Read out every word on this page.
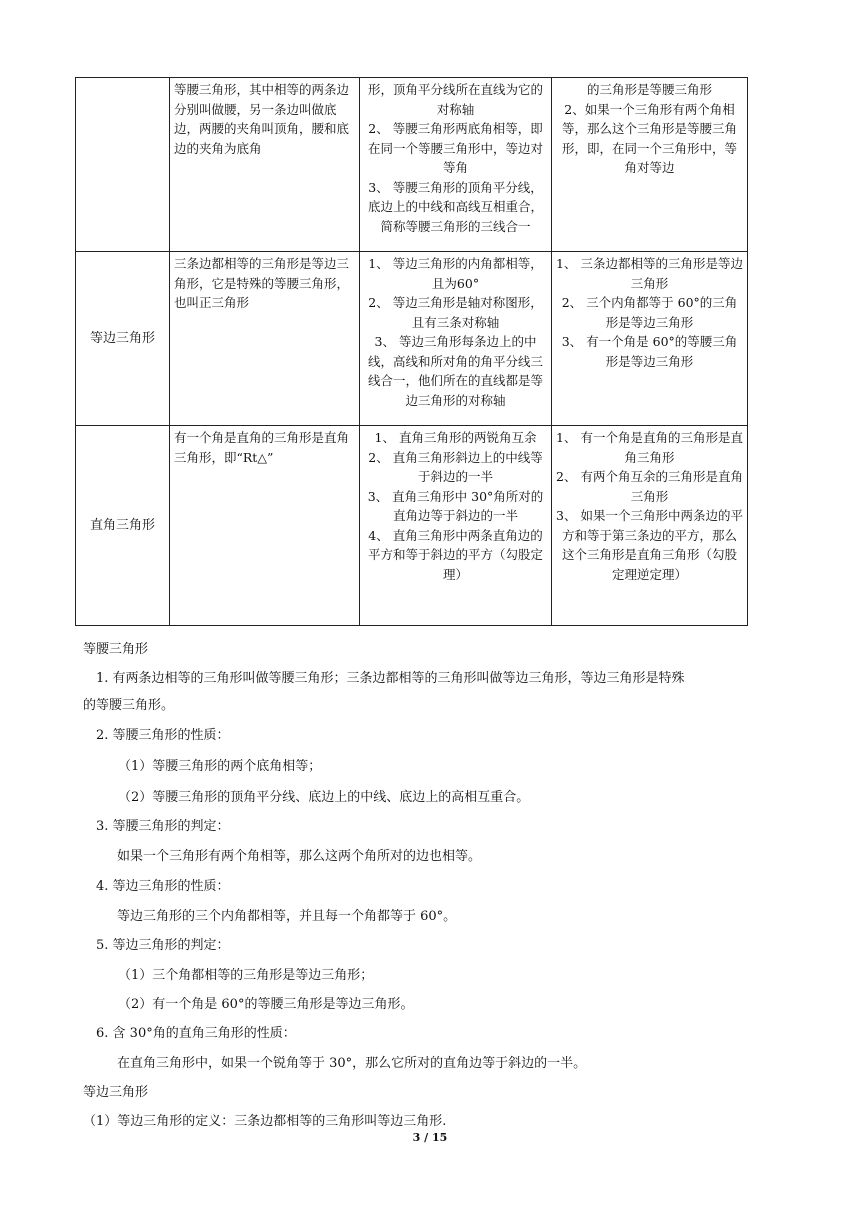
	等腰三角形，其中相等的两条边分别叫做腰，另一条边叫做底边，两腰的夹角叫顶角，腰和底边的夹角为底角	形，顶角平分线所在直线为它的对称轴
2、 等腰三角形两底角相等，即在同一个等腰三角形中，等边对等角
3、 等腰三角形的顶角平分线，底边上的中线和高线互相重合，简称等腰三角形的三线合一	的三角形是等腰三角形
2、如果一个三角形有两个角相等，那么这个三角形是等腰三角形，即，在同一个三角形中，等角对等边

等边三角形	三条边都相等的三角形是等边三角形，它是特殊的等腰三角形，也叫正三角形	1、 等边三角形的内角都相等，且为60°
2、 等边三角形是轴对称图形，且有三条对称轴
3、 等边三角形每条边上的中线，高线和所对角的角平分线三线合一，他们所在的直线都是等边三角形的对称轴	1、 三条边都相等的三角形是等边三角形
2、 三个内角都等于 60°的三角形是等边三角形
3、 有一个角是 60°的等腰三角形是等边三角形

直角三角形	有一个角是直角的三角形是直角三角形，即“Rt△”	1、 直角三角形的两锐角互余
2、 直角三角形斜边上的中线等于斜边的一半
3、 直角三角形中 30°角所对的直角边等于斜边的一半
4、 直角三角形中两条直角边的平方和等于斜边的平方（勾股定理）	1、 有一个角是直角的三角形是直角三角形
2、 有两个角互余的三角形是直角三角形
3、 如果一个三角形中两条边的平方和等于第三条边的平方，那么这个三角形是直角三角形（勾股定理逆定理）
等腰三角形
1. 有两条边相等的三角形叫做等腰三角形；三条边都相等的三角形叫做等边三角形，等边三角形是特殊
的等腰三角形。
2. 等腰三角形的性质：
（1）等腰三角形的两个底角相等；
（2）等腰三角形的顶角平分线、底边上的中线、底边上的高相互重合。
3. 等腰三角形的判定：
如果一个三角形有两个角相等，那么这两个角所对的边也相等。
4. 等边三角形的性质：
等边三角形的三个内角都相等，并且每一个角都等于 60°。
5. 等边三角形的判定：
（1）三个角都相等的三角形是等边三角形；
（2）有一个角是 60°的等腰三角形是等边三角形。
6. 含 30°角的直角三角形的性质：
在直角三角形中，如果一个锐角等于 30°，那么它所对的直角边等于斜边的一半。
等边三角形
（1）等边三角形的定义：三条边都相等的三角形叫等边三角形.
3 / 15
